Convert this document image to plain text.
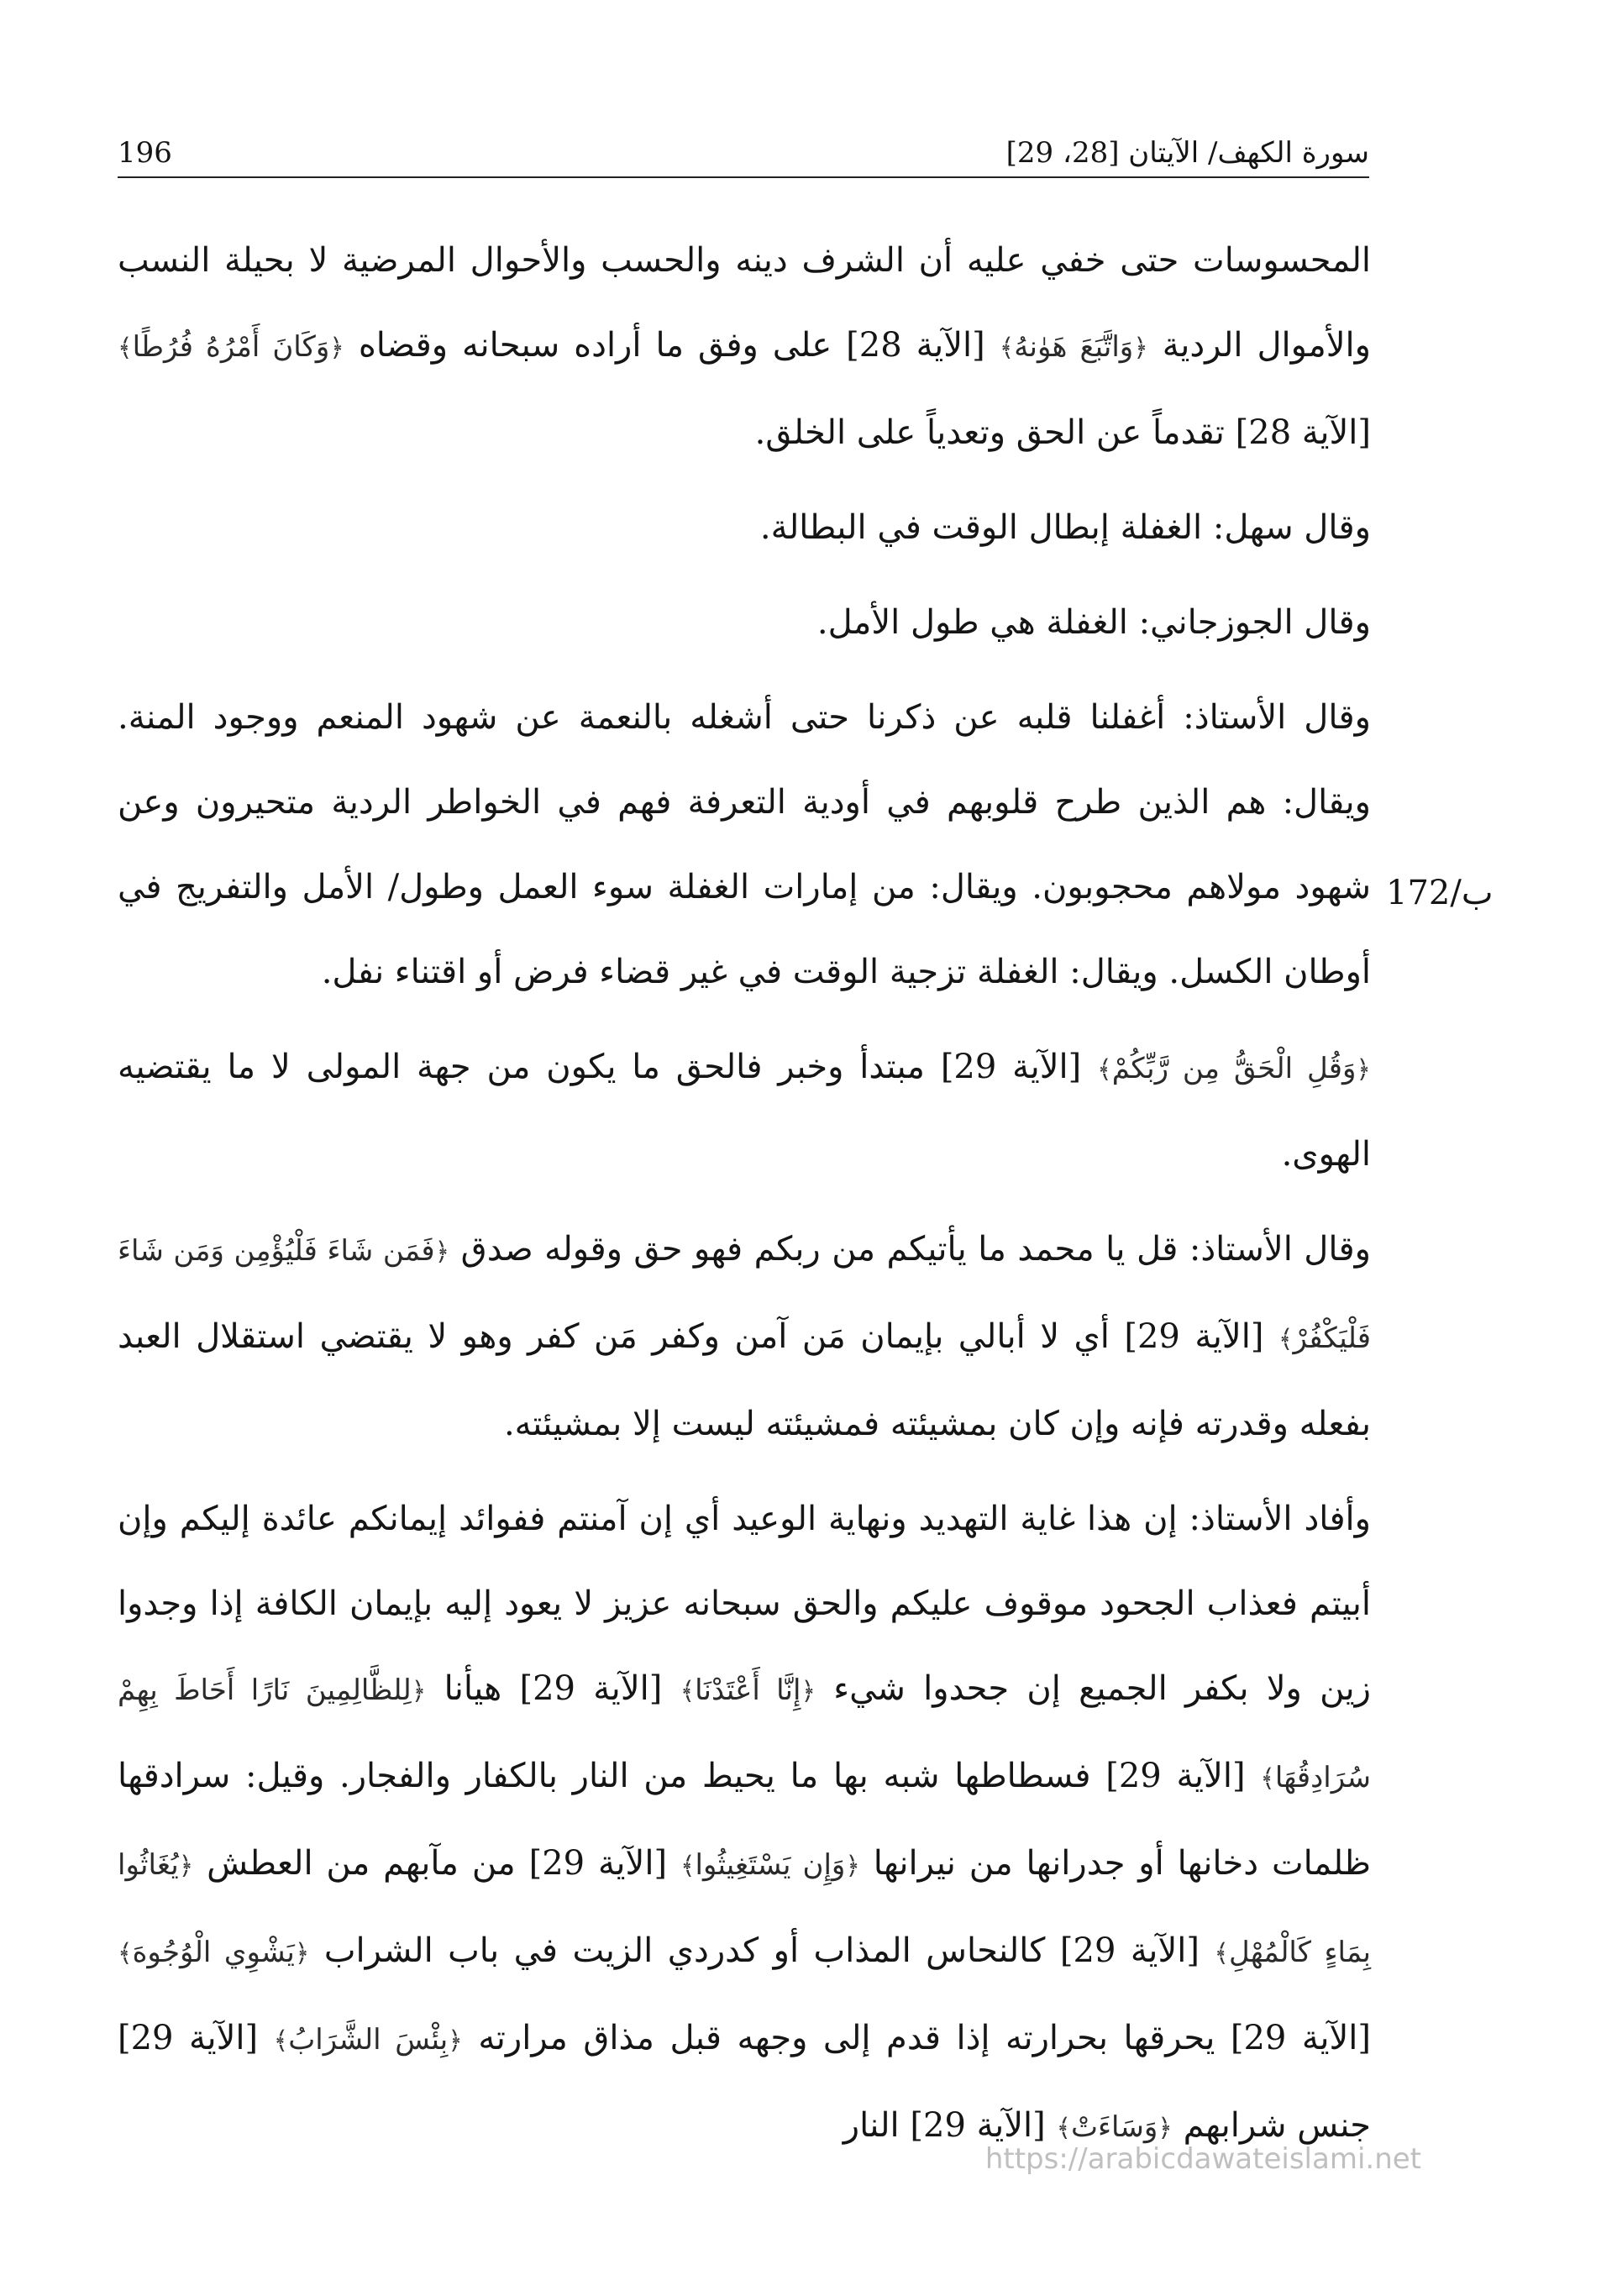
سورة الكهف/ الآيتان [28، 29]
196
172/ب

المحسوسات حتى خفي عليه أن الشرف دينه والحسب والأحوال المرضية لا بحيلة النسب والأموال الردية ﴿وَاتَّبَعَ هَوٰنهُ﴾ [الآية 28] على وفق ما أراده سبحانه وقضاه ﴿وَكَانَ أَمْرُهُ فُرُطًا﴾ [الآية 28] تقدماً عن الحق وتعدياً على الخلق.

وقال سهل: الغفلة إبطال الوقت في البطالة.

وقال الجوزجاني: الغفلة هي طول الأمل.

وقال الأستاذ: أغفلنا قلبه عن ذكرنا حتى أشغله بالنعمة عن شهود المنعم ووجود المنة. ويقال: هم الذين طرح قلوبهم في أودية التعرفة فهم في الخواطر الردية متحيرون وعن شهود مولاهم محجوبون. ويقال: من إمارات الغفلة سوء العمل وطول/ الأمل والتفريج في أوطان الكسل. ويقال: الغفلة تزجية الوقت في غير قضاء فرض أو اقتناء نفل.

﴿وَقُلِ الْحَقُّ مِن رَّبِّكُمْ﴾ [الآية 29] مبتدأ وخبر فالحق ما يكون من جهة المولى لا ما يقتضيه الهوى.

وقال الأستاذ: قل يا محمد ما يأتيكم من ربكم فهو حق وقوله صدق ﴿فَمَن شَاءَ فَلْيُؤْمِن وَمَن شَاءَ فَلْيَكْفُرْ﴾ [الآية 29] أي لا أبالي بإيمان مَن آمن وكفر مَن كفر وهو لا يقتضي استقلال العبد بفعله وقدرته فإنه وإن كان بمشيئته فمشيئته ليست إلا بمشيئته.

وأفاد الأستاذ: إن هذا غاية التهديد ونهاية الوعيد أي إن آمنتم ففوائد إيمانكم عائدة إليكم وإن أبيتم فعذاب الجحود موقوف عليكم والحق سبحانه عزيز لا يعود إليه بإيمان الكافة إذا وجدوا زين ولا بكفر الجميع إن جحدوا شيء ﴿إِنَّا أَعْتَدْنَا﴾ [الآية 29] هيأنا ﴿لِلظَّالِمِينَ نَارًا أَحَاطَ بِهِمْ سُرَادِقُهَا﴾ [الآية 29] فسطاطها شبه بها ما يحيط من النار بالكفار والفجار. وقيل: سرادقها ظلمات دخانها أو جدرانها من نيرانها ﴿وَإِن يَسْتَغِيثُوا﴾ [الآية 29] من مآبهم من العطش ﴿يُغَاثُوا بِمَاءٍ كَالْمُهْلِ﴾ [الآية 29] كالنحاس المذاب أو كدردي الزيت في باب الشراب ﴿يَشْوِي الْوُجُوهَ﴾ [الآية 29] يحرقها بحرارته إذا قدم إلى وجهه قبل مذاق مرارته ﴿بِئْسَ الشَّرَابُ﴾ [الآية 29] جنس شرابهم ﴿وَسَاءَتْ﴾ [الآية 29] النار

https://arabicdawateislami.net
